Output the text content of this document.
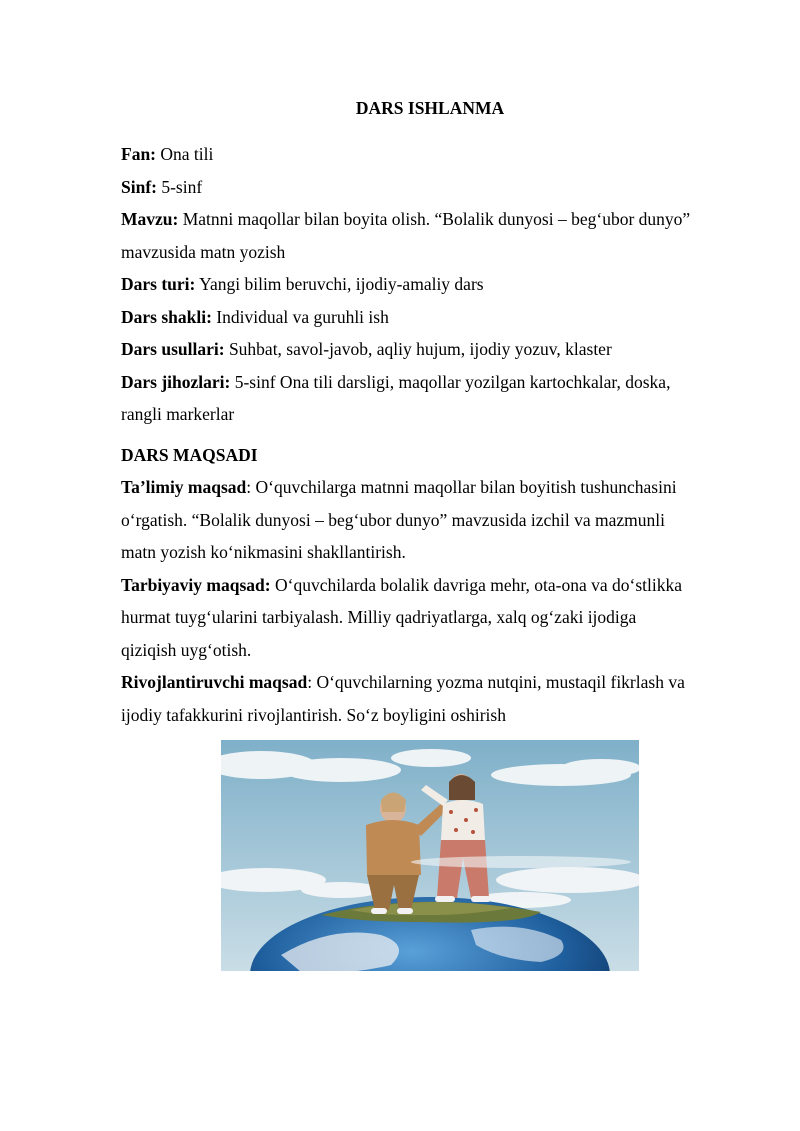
DARS ISHLANMA
Fan: Ona tili
Sinf: 5-sinf
Mavzu: Matnni maqollar bilan boyita olish. “Bolalik dunyosi – beg‘ubor dunyo”
mavzusida matn yozish
Dars turi: Yangi bilim beruvchi, ijodiy-amaliy dars
Dars shakli: Individual va guruhli ish
Dars usullari: Suhbat, savol-javob, aqliy hujum, ijodiy yozuv, klaster
Dars jihozlari: 5-sinf Ona tili darsligi, maqollar yozilgan kartochkalar, doska,
rangli markerlar
DARS MAQSADI
Ta’limiy maqsad: O‘quvchilarga matnni maqollar bilan boyitish tushunchasini
o‘rgatish. “Bolalik dunyosi – beg‘ubor dunyo” mavzusida izchil va mazmunli
matn yozish ko‘nikmasini shakllantirish.
Tarbiyaviy maqsad: O‘quvchilarda bolalik davriga mehr, ota-ona va do‘stlikka
hurmat tuyg‘ularini tarbiyalash. Milliy qadriyatlarga, xalq og‘zaki ijodiga
qiziqish uyg‘otish.
Rivojlantiruvchi maqsad: O‘quvchilarning yozma nutqini, mustaqil fikrlash va
ijodiy tafakkurini rivojlantirish. So‘z boyligini oshirish
